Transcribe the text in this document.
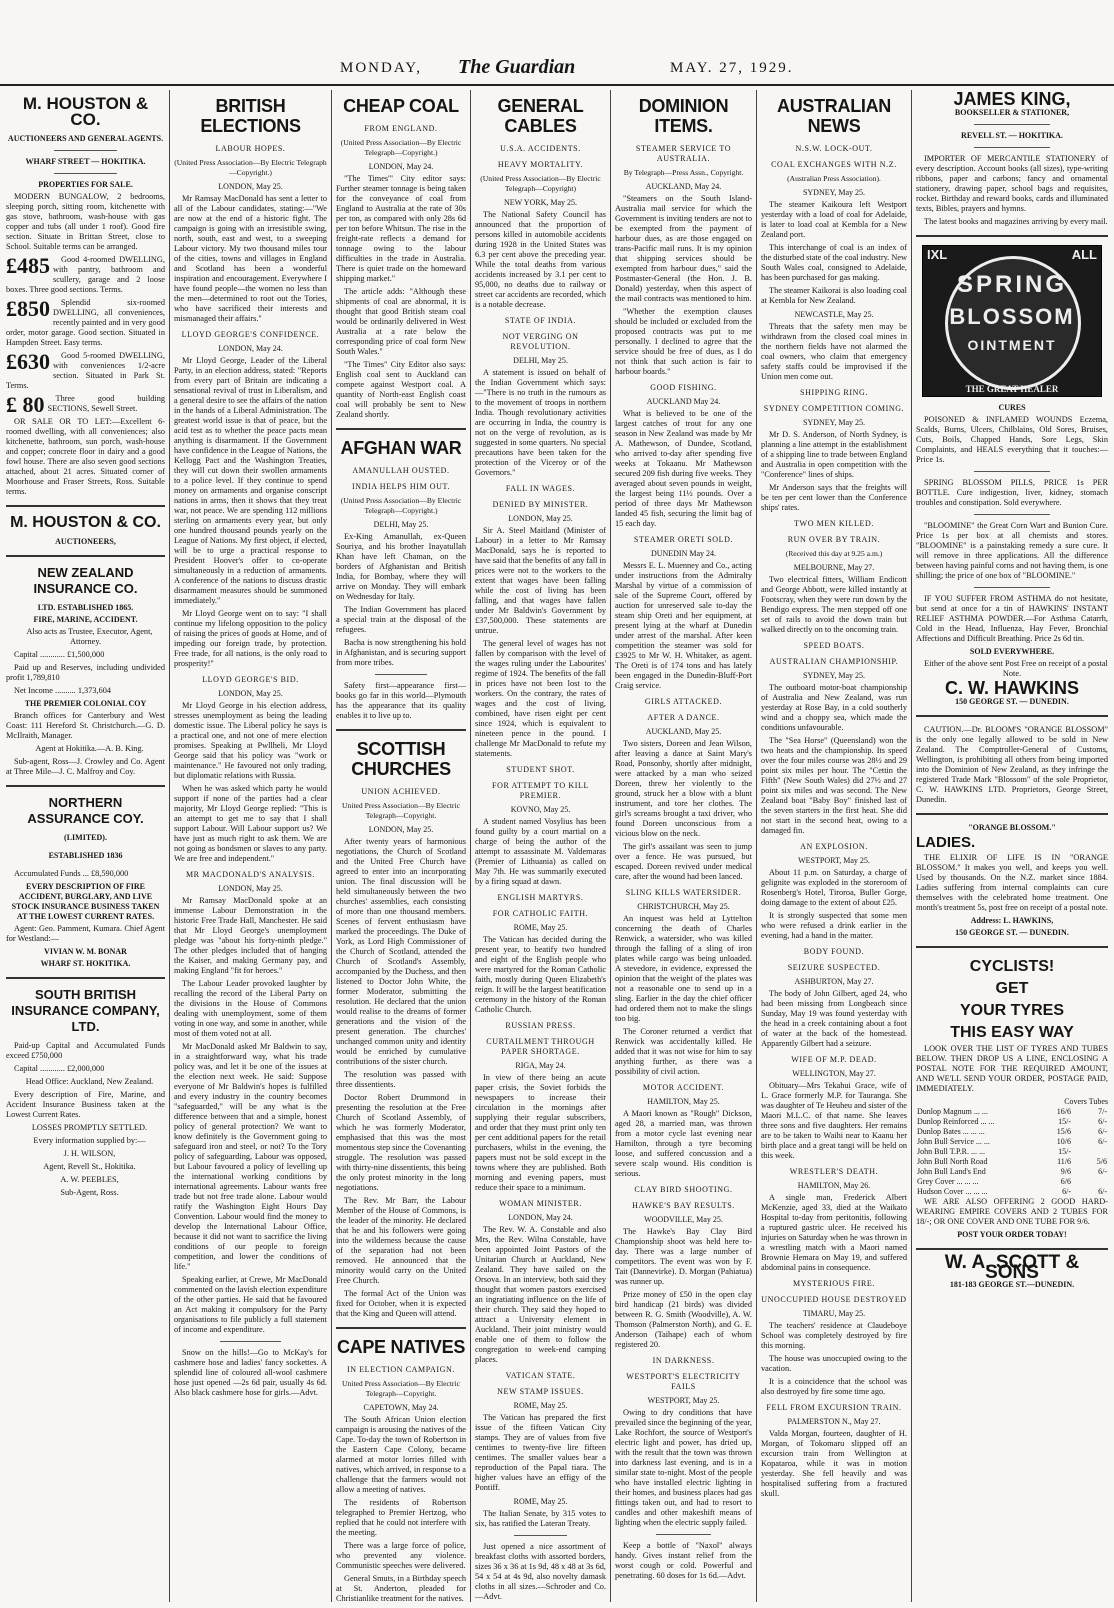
MONDAY, The Guardian	MAY. 27, 1929.
M. HOUSTON & CO.
AUCTIONEERS AND GENERAL AGENTS.
WHARF STREET — HOKITIKA.
PROPERTIES FOR SALE.

MODERN BUNGALOW, 2 bedrooms, sleeping porch, sitting room, kitchenette with gas stove, bathroom, wash-house with gas copper and tubs (all under 1 roof). Good fire section. Situate in Brittan Street, close to School. Suitable terms can be arranged.

£485	Good 4-roomed DWELLING, with pantry, bathroom and scullery, garage and 2 loose boxes. Three good sections. Terms.

£850	Splendid six-roomed DWELLING, all conveniences, recently painted and in very good order, motor garage. Good section. Situated in Hampden Street. Easy terms.

£630	Good 5-roomed DWELLING, with conveniences 1/2-acre section. Situated in Park St. Terms.

£ 80	Three good building SECTIONS, Sewell Street.

OR SALE OR TO LET:—Excellent 6-roomed dwelling, with all conveniences; also kitchenette, bathroom, sun porch, wash-house and copper; concrete floor in dairy and a good fowl house. There are also seven good sections attached, about 21 acres. Situated corner of Moorhouse and Fraser Streets, Ross. Suitable terms.

M. HOUSTON & CO.
AUCTIONEERS,
NEW ZEALAND INSURANCE CO.
LTD. ESTABLISHED 1865.
FIRE, MARINE, ACCIDENT.

Also acts as Trustee, Executor, Agent, Attorney.

Capital ............ £1,500,000

Paid up and Reserves, including undivided profit 1,789,810

Net Income .......... 1,373,604

THE PREMIER COLONIAL COY

Branch offices for Canterbury and West Coast: 111 Hereford St. Christchurch.—G. D. McIlraith, Manager.

Agent at Hokitika.—A. B. King.

Sub-agent, Ross—J. Crowley and Co. Agent at Three Mile—J. C. Malfroy and Coy.

NORTHERN ASSURANCE COY.
(LIMITED).
ESTABLISHED 1836

Accumulated Funds ... £8,590,000

EVERY DESCRIPTION OF FIRE ACCIDENT, BURGLARY, AND LIVE STOCK INSURANCE BUSINESS TAKEN AT THE LOWEST CURRENT RATES.

Agent: Geo. Pamment, Kumara. Chief Agent for Westland:—

VIVIAN W. M. BONAR
WHARF ST. HOKITIKA.
SOUTH BRITISH INSURANCE COMPANY, LTD.

Paid-up Capital and Accumulated Funds exceed £750,000

Capital ............ £2,000,000

Head Office: Auckland, New Zealand.

Every description of Fire, Marine, and Accident Insurance Business taken at the Lowest Current Rates.

LOSSES PROMPTLY SETTLED.

Every information supplied by:—

J. H. WILSON,

Agent, Revell St., Hokitika.

A. W. PEEBLES,

Sub-Agent, Ross.

BRITISH ELECTIONS
LABOUR HOPES.
(United Press Association—By Electric Telegraph—Copyright.)
LONDON, May 25.

Mr Ramsay MacDonald has sent a letter to all of the Labour candidates, stating:—"We are now at the end of a historic fight. The campaign is going with an irresistible swing, north, south, east and west, to a sweeping Labour victory. My two thousand miles tour of the cities, towns and villages in England and Scotland has been a wonderful inspiration and encouragement. Everywhere I have found people—the women no less than the men—determined to root out the Tories, who have sacrificed their interests and mismanaged their affairs."

LLOYD GEORGE'S CONFIDENCE.
LONDON, May 24.

Mr Lloyd George, Leader of the Liberal Party, in an election address, stated: "Reports from every part of Britain are indicating a sensational revival of trust in Liberalism, and a general desire to see the affairs of the nation in the hands of a Liberal Administration. The greatest world issue is that of peace, but the acid test as to whether the peace pacts mean anything is disarmament. If the Government have confidence in the League of Nations, the Kellogg Pact and the Washington Treaties, they will cut down their swollen armaments to a police level. If they continue to spend money on armaments and organise conscript nations in arms, then it shows that they treat war, not peace. We are spending 112 millions sterling on armaments every year, but only one hundred thousand pounds yearly on the League of Nations. My first object, if elected, will be to urge a practical response to President Hoover's offer to co-operate simultaneously in a reduction of armaments. A conference of the nations to discuss drastic disarmament measures should be summoned immediately."

Mr Lloyd George went on to say: "I shall continue my lifelong opposition to the policy of raising the prices of goods at Home, and of impeding our foreign trade, by protection. Free trade, for all nations, is the only road to prosperity!"

LLOYD GEORGE'S BID.
LONDON, May 25.

Mr Lloyd George in his election address, stresses unemployment as being the leading domestic issue. The Liberal policy he says is a practical one, and not one of mere election promises. Speaking at Pwllheli, Mr Lloyd George said that his policy was "work or maintenance." He favoured not only trading, but diplomatic relations with Russia.

When he was asked which party he would support if none of the parties had a clear majority, Mr Lloyd George replied: "This is an attempt to get me to say that I shall support Labour. Will Labour support us? We have just as much right to ask them. We are not going as bondsmen or slaves to any party. We are free and independent."

MR MACDONALD'S ANALYSIS.
LONDON, May 25.

Mr Ramsay MacDonald spoke at an immense Labour Demonstration in the historic Free Trade Hall, Manchester. He said that Mr Lloyd George's unemployment pledge was "about his forty-ninth pledge." The other pledges included that of hanging the Kaiser, and making Germany pay, and making England "fit for heroes."

The Labour Leader provoked laughter by recalling the record of the Liberal Party on the divisions in the House of Commons dealing with unemployment, some of them voting in one way, and some in another, while most of them voted not at all.

Mr MacDonald asked Mr Baldwin to say, in a straightforward way, what his trade policy was, and let it be one of the issues at the election next week. He said: Suppose everyone of Mr Baldwin's hopes is fulfilled and every industry in the country becomes "safeguarded," will be any what is the difference between that and a simple, honest policy of general protection? We want to know definitely is the Government going to safeguard iron and steel, or not? To the Tory policy of safeguarding, Labour was opposed, but Labour favoured a policy of levelling up the international working conditions by international agreements. Labour wants free trade but not free trade alone. Labour would ratify the Washington Eight Hours Day Convention. Labour would find the money to develop the International Labour Office, because it did not want to sacrifice the living conditions of our people to foreign competition, and lower the conditions of life."

Speaking earlier, at Crewe, Mr MacDonald commented on the lavish election expenditure of the other parties. He said that he favoured an Act making it compulsory for the Party organisations to file publicly a full statement of income and expenditure.

Snow on the hills!—Go to McKay's for cashmere hose and ladies' fancy sockettes. A splendid line of coloured all-wool cashmere hose just opened —2s 6d pair, usually 4s 6d. Also black cashmere hose for girls.—Advt.

CHEAP COAL
FROM ENGLAND.
(United Press Association—By Electric Telegraph—Copyright.)
LONDON, May 24.

"The Times'" City editor says: Further steamer tonnage is being taken for the conveyance of coal from England to Australia at the rate of 30s per ton, as compared with only 28s 6d per ton before Whitsun. The rise in the freight-rate reflects a demand for tonnage owing to the labour difficulties in the trade in Australia. There is quiet trade on the homeward shipping market."

The article adds: "Although these shipments of coal are abnormal, it is thought that good British steam coal would be ordinarily delivered in West Australia at a rate below the corresponding price of coal form New South Wales."

"The Times" City Editor also says: English coal sent to Auckland can compete against Westport coal. A quantity of North-east English coast coal will probably be sent to New Zealand shortly.

AFGHAN WAR
AMANULLAH OUSTED.
INDIA HELPS HIM OUT.
(United Press Association—By Electric Telegraph—Copyright.)
DELHI, May 25.

Ex-King Amanullah, ex-Queen Souriya, and his brother Inayatullah Khan have left Chaman, on the borders of Afghanistan and British India, for Bombay, where they will arrive on Monday. They will embark on Wednesday for Italy.

The Indian Government has placed a special train at the disposal of the refugees.

Bacha is now strengthening his hold in Afghanistan, and is securing support from more tribes.

Safety first—appearance first—books go far in this world—Plymouth has the appearance that its quality enables it to live up to.

SCOTTISH CHURCHES
UNION ACHIEVED.
United Press Association—By Electric Telegraph—Copyright.
LONDON, May 25.

After twenty years of harmonious negotiations, the Church of Scotland and the United Free Church have agreed to enter into an incorporating union. The final discussion will be held simultaneously between the two churches' assemblies, each consisting of more than one thousand members. Scenes of fervent enthusiasm have marked the proceedings. The Duke of York, as Lord High Commissioner of the Church of Scotland, attended the Church of Scotland's Assembly, accompanied by the Duchess, and then listened to Doctor John White, the former Moderator, submitting the resolution. He declared that the union would realise to the dreams of former generations and the vision of the present generation. The churches' unchanged common unity and identity would be enriched by cumulative contributions of the sister church.

The resolution was passed with three dissentients.

Doctor Robert Drummond in presenting the resolution at the Free Church of Scotland Assembly, of which he was formerly Moderator, emphasised that this was the most momentous step since the Covenanting struggle. The resolution was passed with thirty-nine dissentients, this being the only protest minority in the long negotiations.

The Rev. Mr Barr, the Labour Member of the House of Commons, is the leader of the minority. He declared that he and his followers were going into the wilderness because the cause of the separation had not been removed. He announced that the minority would carry on the United Free Church.

The formal Act of the Union was fixed for October, when it is expected that the King and Queen will attend.

CAPE NATIVES
IN ELECTION CAMPAIGN.
United Press Association—By Electric Telegraph—Copyright.
CAPETOWN, May 24.

The South African Union election campaign is arousing the natives of the Cape. To-day the town of Robertson in the Eastern Cape Colony, became alarmed at motor lorries filled with natives, which arrived, in response to a challenge that the farmers would not allow a meeting of natives.

The residents of Robertson telegraphed to Premier Hertzog, who replied that he could not interfere with the meeting.

There was a large force of police, who prevented any violence. Communistic speeches were delivered.

General Smuts, in a Birthday speech at St. Anderton, pleaded for Christianlike treatment for the natives.

GENERAL CABLES
U.S.A. ACCIDENTS.
HEAVY MORTALITY.
(United Press Association—By Electric Telegraph—Copyright)
NEW YORK, May 25.

The National Safety Council has announced that the proportion of persons killed in automobile accidents during 1928 in the United States was 6.3 per cent above the preceding year. While the total deaths from various accidents increased by 3.1 per cent to 95,000, no deaths due to railway or street car accidents are recorded, which is a notable decrease.

STATE OF INDIA.
NOT VERGING ON REVOLUTION.
DELHI, May 25.

A statement is issued on behalf of the Indian Government which says:—"There is no truth in the rumours as to the movement of troops in northern India. Though revolutionary activities are occurring in India, the country is not on the verge of revolution, as is suggested in some quarters. No special precautions have been taken for the protection of the Viceroy or of the Governors."

FALL IN WAGES.
DENIED BY MINISTER.
LONDON, May 25.

Sir A. Steel Maitland (Minister of Labour) in a letter to Mr Ramsay MacDonald, says he is reported to have said that the benefits of any fall in prices were not to the workers to the extent that wages have been falling while the cost of living has been falling, and that wages have fallen under Mr Baldwin's Government by £37,500,000. These statements are untrue.

The general level of wages has not fallen by comparison with the level of the wages ruling under the Labourites' regime of 1924. The benefits of the fall in prices have not been lost to the workers. On the contrary, the rates of wages and the cost of living, combined, have risen eight per cent since 1924, which is equivalent to nineteen pence in the pound. I challenge Mr MacDonald to refute my statements.

STUDENT SHOT.
FOR ATTEMPT TO KILL PREMIER.
KOVNO, May 25.

A student named Vosylius has been found guilty by a court martial on a charge of being the author of the attempt to assassinate M. Valdemaras (Premier of Lithuania) as called on May 7th. He was summarily executed by a firing squad at dawn.

ENGLISH MARTYRS.
FOR CATHOLIC FAITH.
ROME, May 25.

The Vatican has decided during the present year, to beatify two hundred and eight of the English people who were martyred for the Roman Catholic faith, mostly during Queen Elizabeth's reign. It will be the largest beatification ceremony in the history of the Roman Catholic Church.

RUSSIAN PRESS.
CURTAILMENT THROUGH PAPER SHORTAGE.
RIGA, May 24.

In view of there being an acute paper crisis, the Soviet forbids the newspapers to increase their circulation in the mornings after supplying their regular subscribers, and order that they must print only ten per cent additional papers for the retail purchasers, whilst in the evening, the papers must not be sold except in the towns where they are published. Both morning and evening papers, must reduce their space to a minimum.

WOMAN MINISTER.
LONDON, May 24.

The Rev. W. A. Constable and also Mrs, the Rev. Wilna Constable, have been appointed Joint Pastors of the Unitarian Church at Auckland, New Zealand. They have sailed on the Orsova. In an interview, both said they thought that women pastors exercised an ingratiating influence on the life of their church. They said they hoped to attract a University element in Auckland. Their joint ministry would enable one of them to follow the congregation to week-end camping places.

VATICAN STATE.
NEW STAMP ISSUES.
ROME, May 25.

The Vatican has prepared the first issue of the fifteen Vatican City stamps. They are of values from five centimes to twenty-five lire fifteen centimes. The smaller values bear a reproduction of the Papal tiara. The higher values have an effigy of the Pontiff.

ROME, May 25.

The Italian Senate, by 315 votes to six, has ratified the Lateran Treaty.

Just opened a nice assortment of breakfast cloths with assorted borders, sizes 36 x 36 at 1s 9d, 48 x 48 at 3s 6d, 54 x 54 at 4s 9d, also novelty damask cloths in all sizes.—Schroder and Co.—Advt.

DOMINION ITEMS.
STEAMER SERVICE TO AUSTRALIA.
By Telegraph—Press Assn., Copyright.
AUCKLAND, May 24.

"Steamers on the South Island-Australia mail service for which the Government is inviting tenders are not to be exempted from the payment of harbour dues, as are those engaged on trans-Pacific mail runs. It is my opinion that shipping services should be exempted from harbour dues," said the Postmaster-General (the Hon. J. B. Donald) yesterday, when this aspect of the mail contracts was mentioned to him.

"Whether the exemption clauses should be included or excluded from the proposed contracts was put to me personally. I declined to agree that the service should be free of dues, as I do not think that such action is fair to harbour boards."

GOOD FISHING.
AUCKLAND May 24.

What is believed to be one of the largest catches of trout for any one season in New Zealand was made by Mr A. Mathewson, of Dundee, Scotland, who arrived to-day after spending five weeks at Tokaanu. Mr Mathewson secured 209 fish during five weeks. They averaged about seven pounds in weight, the largest being 11½ pounds. Over a period of three days Mr Mathewson landed 45 fish, securing the limit bag of 15 each day.

STEAMER ORETI SOLD.
DUNEDIN May 24.

Messrs E. L. Muenney and Co., acting under instructions from the Admiralty Marshal by virtue of a commission of sale of the Supreme Court, offered by auction for unreserved sale to-day the steam ship Oreti and her equipment, at present lying at the wharf at Dunedin under arrest of the marshal. After keen competition the steamer was sold for £3925 to Mr W. H. Whitaker, as agent. The Oreti is of 174 tons and has lately been engaged in the Dunedin-Bluff-Port Craig service.

GIRLS ATTACKED.
AFTER A DANCE.
AUCKLAND, May 25.

Two sisters, Doreen and Jean Wilson, after leaving a dance at Saint Mary's Road, Ponsonby, shortly after midnight, were attacked by a man who seized Doreen, threw her violently to the ground, struck her a blow with a blunt instrument, and tore her clothes. The girl's screams brought a taxi driver, who found Doreen unconscious from a vicious blow on the neck.

The girl's assailant was seen to jump over a fence. He was pursued, but escaped. Doreen revived under medical care, after the wound had been lanced.

SLING KILLS WATERSIDER.
CHRISTCHURCH, May 25.

An inquest was held at Lyttelton concerning the death of Charles Renwick, a watersider, who was killed through the falling of a sling of iron plates while cargo was being unloaded. A stevedore, in evidence, expressed the opinion that the weight of the plates was not a reasonable one to send up in a sling. Earlier in the day the chief officer had ordered them not to make the slings too big.

The Coroner returned a verdict that Renwick was accidentally killed. He added that it was not wise for him to say anything further, as there was a possibility of civil action.

MOTOR ACCIDENT.
HAMILTON, May 25.

A Maori known as "Rough" Dickson, aged 28, a married man, was thrown from a motor cycle last evening near Hamilton, through a tyre becoming loose, and suffered concussion and a severe scalp wound. His condition is serious.

CLAY BIRD SHOOTING.
HAWKE'S BAY RESULTS.
WOODVILLE, May 25.

The Hawke's Bay Clay Bird Championship shoot was held here to-day. There was a large number of competitors. The event was won by F. Tait (Dannevirke). D. Morgan (Pahiatua) was runner up.

Prize money of £50 in the open clay bird handicap (21 birds) was divided between R. G. Smith (Woodville), A. W. Thomson (Palmerston North), and G. E. Anderson (Taihape) each of whom registered 20.

IN DARKNESS.
WESTPORT'S ELECTRICITY FAILS
WESTPORT, May 25.

Owing to dry conditions that have prevailed since the beginning of the year, Lake Rochfort, the source of Westport's electric light and power, has dried up, with the result that the town was thrown into darkness last evening, and is in a similar state to-night. Most of the people who have installed electric lighting in their homes, and business places had gas fittings taken out, and had to resort to candles and other makeshift means of lighting when the electric supply failed.

Keep a bottle of "Naxol" always handy. Gives instant relief from the worst cough or cold. Powerful and penetrating. 60 doses for 1s 6d.—Advt.

AUSTRALIAN NEWS
N.S.W. LOCK-OUT.
COAL EXCHANGES WITH N.Z.
(Australian Press Association).
SYDNEY, May 25.

The steamer Kaikoura left Westport yesterday with a load of coal for Adelaide, is later to load coal at Kembla for a New Zealand port.

This interchange of coal is an index of the disturbed state of the coal industry. New South Wales coal, consigned to Adelaide, has been purchased for gas making.

The steamer Kaikorai is also loading coal at Kembla for New Zealand.

NEWCASTLE, May 25.

Threats that the safety men may be withdrawn from the closed coal mines in the northern fields have not alarmed the coal owners, who claim that emergency safety staffs could be improvised if the Union men come out.

SHIPPING RING.
SYDNEY COMPETITION COMING.
SYDNEY, May 25.

Mr D. S. Anderson, of North Sydney, is planning a line attempt in the establishment of a shipping line to trade between England and Australia in open competition with the "Conference" lines of ships.

Mr Anderson says that the freights will be ten per cent lower than the Conference ships' rates.

TWO MEN KILLED.
RUN OVER BY TRAIN.
(Received this day at 9.25 a.m.)
MELBOURNE, May 27.

Two electrical fitters, William Endicott and George Abbott, were killed instantly at Footscray, when they were run down by the Bendigo express. The men stepped off one set of rails to avoid the down train but walked directly on to the oncoming train.

SPEED BOATS.
AUSTRALIAN CHAMPIONSHIP.
SYDNEY, May 25.

The outboard motor-boat championship of Australia and New Zealand, was run yesterday at Rose Bay, in a cold southerly wind and a choppy sea, which made the conditions unfavourable.

The "Sea Horse" (Queensland) won the two heats and the championship. Its speed over the four miles course was 28½ and 29 point six miles per hour. The "Cettin the Fifth" (New South Wales) did 27½ and 27 point six miles and was second. The New Zealand boat "Baby Boy" finished last of the seven starters in the first heat. She did not start in the second heat, owing to a damaged fin.

AN EXPLOSION.
WESTPORT, May 25.

About 11 p.m. on Saturday, a charge of gelignite was exploded in the storeroom of Rosenberg's Hotel, Tiroroa, Buller Gorge, doing damage to the extent of about £25.

It is strongly suspected that some men who were refused a drink earlier in the evening, had a hand in the matter.

BODY FOUND.
SEIZURE SUSPECTED.
ASHBURTON, May 27.

The body of John Gilbert, aged 24, who had been missing from Longbeach since Sunday, May 19 was found yesterday with the head in a creek containing about a foot of water at the back of the homestead. Apparently Gilbert had a seizure.

WIFE OF M.P. DEAD.
WELLINGTON, May 27.

Obituary—Mrs Tekahui Grace, wife of L. Grace formerly M.P. for Tauranga. She was daughter of Te Heuheu and sister of the Maori M.L.C. of that name. She leaves three sons and five daughters. Her remains are to be taken to Waihi near to Kaanu her birth place and a great tangi will be held on this week.

WRESTLER'S DEATH.
HAMILTON, May 26.

A single man, Frederick Albert McKenzie, aged 33, died at the Waikato Hospital to-day from peritonitis, following a ruptured gastric ulcer. He received his injuries on Saturday when he was thrown in a wrestling match with a Maori named Brownie Hemara on May 19, and suffered abdominal pains in consequence.

MYSTERIOUS FIRE.
UNOCCUPIED HOUSE DESTROYED
TIMARU, May 25.

The teachers' residence at Claudeboye School was completely destroyed by fire this morning.

The house was unoccupied owing to the vacation.

It is a coincidence that the school was also destroyed by fire some time ago.

FELL FROM EXCURSION TRAIN.
PALMERSTON N., May 27.

Valda Morgan, fourteen, daughter of H. Morgan, of Tokomaru slipped off an excursion train from Wellington at Kopataroa, while it was in motion yesterday. She fell heavily and was hospitalised suffering from a fractured skull.

JAMES KING,
BOOKSELLER & STATIONER,
REVELL ST. — HOKITIKA.

IMPORTER OF MERCANTILE STATIONERY of every description. Account books (all sizes), type-writing ribbons, paper and carbons; fancy and ornamental stationery, drawing paper, school bags and requisites, rocket. Birthday and reward books, cards and illuminated texts, Bibles, prayers and hymns.

The latest books and magazines arriving by every mail.

IXL	ALL
SPRING
BLOSSOM
OINTMENT
THE GREAT HEALER
CURES

POISONED & INFLAMED WOUNDS Eczema, Scalds, Burns, Ulcers, Chilblains, Old Sores, Bruises, Cuts, Boils, Chapped Hands, Sore Legs, Skin Complaints, and HEALS everything that it touches:—Price 1s.

SPRING BLOSSOM PILLS, PRICE 1s PER BOTTLE. Cure indigestion, liver, kidney, stomach troubles and constipation. Sold everywhere.

"BLOOMINE" the Great Corn Wart and Bunion Cure. Price 1s per box at all chemists and stores. "BLOOMINE" is a painstaking remedy a sure cure. It will remove in three applications. All the difference between having painful corns and not having them, is one shilling; the price of one box of "BLOOMINE."

IF YOU SUFFER FROM ASTHMA do not hesitate, but send at once for a tin of HAWKINS' INSTANT RELIEF ASTHMA POWDER.—For Asthma Catarrh, Cold in the Head, Influenza, Hay Fever, Bronchial Affections and Difficult Breathing. Price 2s 6d tin.

SOLD EVERYWHERE.

Either of the above sent Post Free on receipt of a postal Note.

C. W. HAWKINS
150 GEORGE ST. — DUNEDIN.

CAUTION.—Dr. BLOOM'S "ORANGE BLOSSOM" is the only one legally allowed to be sold in New Zealand. The Comptroller-General of Customs, Wellington, is prohibiting all others from being imported into the Dominion of New Zealand, as they infringe the registered Trade Mark "Blossom" of the sole Proprietor, C. W. HAWKINS LTD. Proprietors, George Street, Dunedin.

"ORANGE BLOSSOM."
LADIES.

THE ELIXIR OF LIFE IS IN "ORANGE BLOSSOM." It makes you well, and keeps you well. Used by thousands. On the N.Z. market since 1884. Ladies suffering from internal complaints can cure themselves with the celebrated home treatment. One month's treatment 5s, post free on receipt of a postal note.

Address: L. HAWKINS,
150 GEORGE ST. — DUNEDIN.
CYCLISTS!
GET
YOUR TYRES
THIS EASY WAY

LOOK OVER THE LIST OF TYRES AND TUBES BELOW. THEN DROP US A LINE, ENCLOSING A POSTAL NOTE FOR THE REQUIRED AMOUNT, AND WE'LL SEND YOUR ORDER, POSTAGE PAID, IMMEDIATELY.

Covers Tubes
Dunlop Magnum ... ...	16/6	7/-
Dunlop Reinforced ... ...	15/-	6/-
Dunlop Bates ... ... ...	15/6	6/-
John Bull Service ... ...	10/6	6/-
John Bull T.P.R. ... ...	15/-	
John Bull North Road	11/6	5/6
John Bull Land's End	9/6	6/-
Grey Cover ... ... ...	6/6	
Hudson Cover ... ... ...	6/-	6/-

WE ARE ALSO OFFERING 2 GOOD HARD-WEARING EMPIRE COVERS AND 2 TUBES FOR 18/-; OR ONE COVER AND ONE TUBE FOR 9/6.

POST YOUR ORDER TODAY!
W. A. SCOTT & SONS
181-183 GEORGE ST.—DUNEDIN.
